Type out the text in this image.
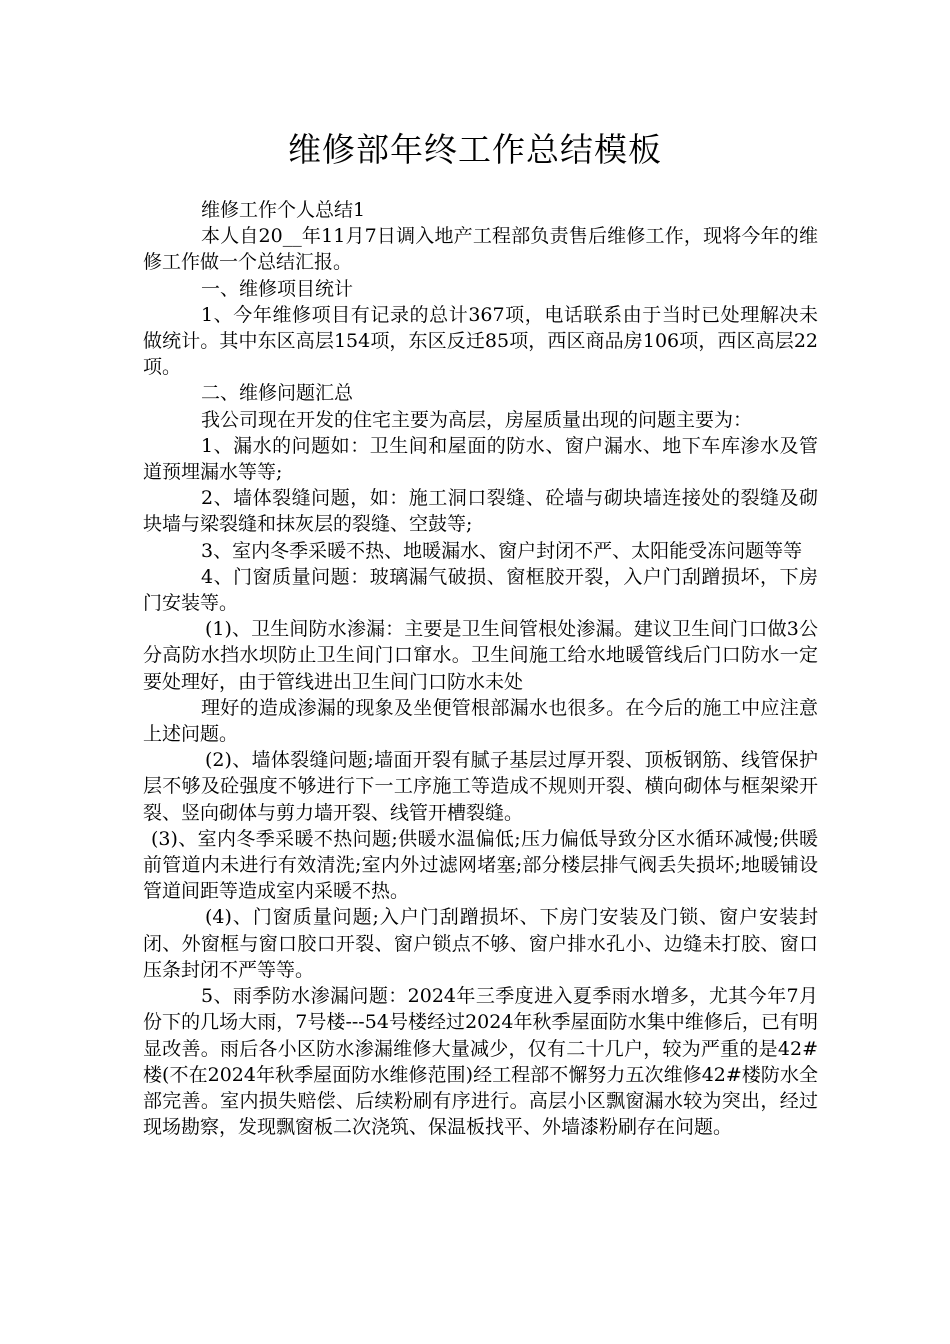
维修部年终工作总结模板

维修工作个人总结1

本人自20__年11月7日调入地产工程部负责售后维修工作，现将今年的维修工作做一个总结汇报。

一、维修项目统计

1、今年维修项目有记录的总计367项，电话联系由于当时已处理解决未做统计。其中东区高层154项，东区反迁85项，西区商品房106项，西区高层22项。

二、维修问题汇总

我公司现在开发的住宅主要为高层，房屋质量出现的问题主要为：

1、漏水的问题如：卫生间和屋面的防水、窗户漏水、地下车库渗水及管道预埋漏水等等;

2、墙体裂缝问题，如：施工洞口裂缝、砼墙与砌块墙连接处的裂缝及砌块墙与梁裂缝和抹灰层的裂缝、空鼓等;

3、室内冬季采暖不热、地暖漏水、窗户封闭不严、太阳能受冻问题等等

4、门窗质量问题：玻璃漏气破损、窗框胶开裂，入户门刮蹭损坏，下房门安装等。

(1)、卫生间防水渗漏：主要是卫生间管根处渗漏。建议卫生间门口做3公分高防水挡水坝防止卫生间门口窜水。卫生间施工给水地暖管线后门口防水一定要处理好，由于管线进出卫生间门口防水未处

理好的造成渗漏的现象及坐便管根部漏水也很多。在今后的施工中应注意上述问题。

(2)、墙体裂缝问题;墙面开裂有腻子基层过厚开裂、顶板钢筋、线管保护层不够及砼强度不够进行下一工序施工等造成不规则开裂、横向砌体与框架梁开裂、竖向砌体与剪力墙开裂、线管开槽裂缝。

(3)、室内冬季采暖不热问题;供暖水温偏低;压力偏低导致分区水循环减慢;供暖前管道内未进行有效清洗;室内外过滤网堵塞;部分楼层排气阀丢失损坏;地暖铺设管道间距等造成室内采暖不热。

(4)、门窗质量问题;入户门刮蹭损坏、下房门安装及门锁、窗户安装封闭、外窗框与窗口胶口开裂、窗户锁点不够、窗户排水孔小、边缝未打胶、窗口压条封闭不严等等。

5、雨季防水渗漏问题：2024年三季度进入夏季雨水增多，尤其今年7月份下的几场大雨，7号楼---54号楼经过2024年秋季屋面防水集中维修后，已有明显改善。雨后各小区防水渗漏维修大量减少，仅有二十几户，较为严重的是42#楼(不在2024年秋季屋面防水维修范围)经工程部不懈努力五次维修42#楼防水全部完善。室内损失赔偿、后续粉刷有序进行。高层小区飘窗漏水较为突出，经过现场勘察，发现飘窗板二次浇筑、保温板找平、外墙漆粉刷存在问题。
